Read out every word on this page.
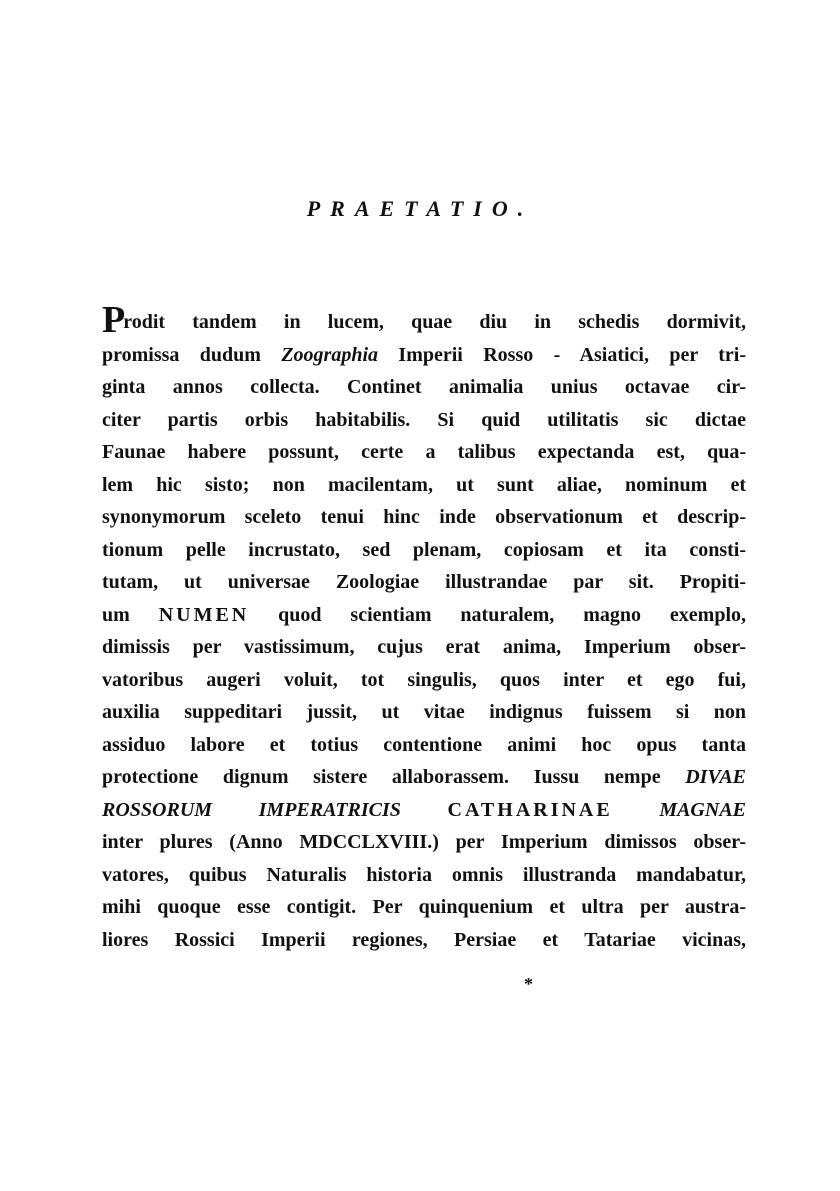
PRAETATIO.
Prodit tandem in lucem, quae diu in schedis dormivit,
promissa dudum Zoographia Imperii Rosso - Asiatici, per tri-
ginta annos collecta. Continet animalia unius octavae cir-
citer partis orbis habitabilis. Si quid utilitatis sic dictae
Faunae habere possunt, certe a talibus expectanda est, qua-
lem hic sisto; non macilentam, ut sunt aliae, nominum et
synonymorum sceleto tenui hinc inde observationum et descrip-
tionum pelle incrustato, sed plenam, copiosam et ita consti-
tutam, ut universae Zoologiae illustrandae par sit. Propiti-
um NUMEN quod scientiam naturalem, magno exemplo,
dimissis per vastissimum, cujus erat anima, Imperium obser-
vatoribus augeri voluit, tot singulis, quos inter et ego fui,
auxilia suppeditari jussit, ut vitae indignus fuissem si non
assiduo labore et totius contentione animi hoc opus tanta
protectione dignum sistere allaborassem. Iussu nempe DIVAE
ROSSORUM IMPERATRICIS CATHARINAE MAGNAE
inter plures (Anno MDCCLXVIII.) per Imperium dimissos obser-
vatores, quibus Naturalis historia omnis illustranda mandabatur,
mihi quoque esse contigit. Per quinquenium et ultra per austra-
liores Rossici Imperii regiones, Persiae et Tatariae vicinas,
*
